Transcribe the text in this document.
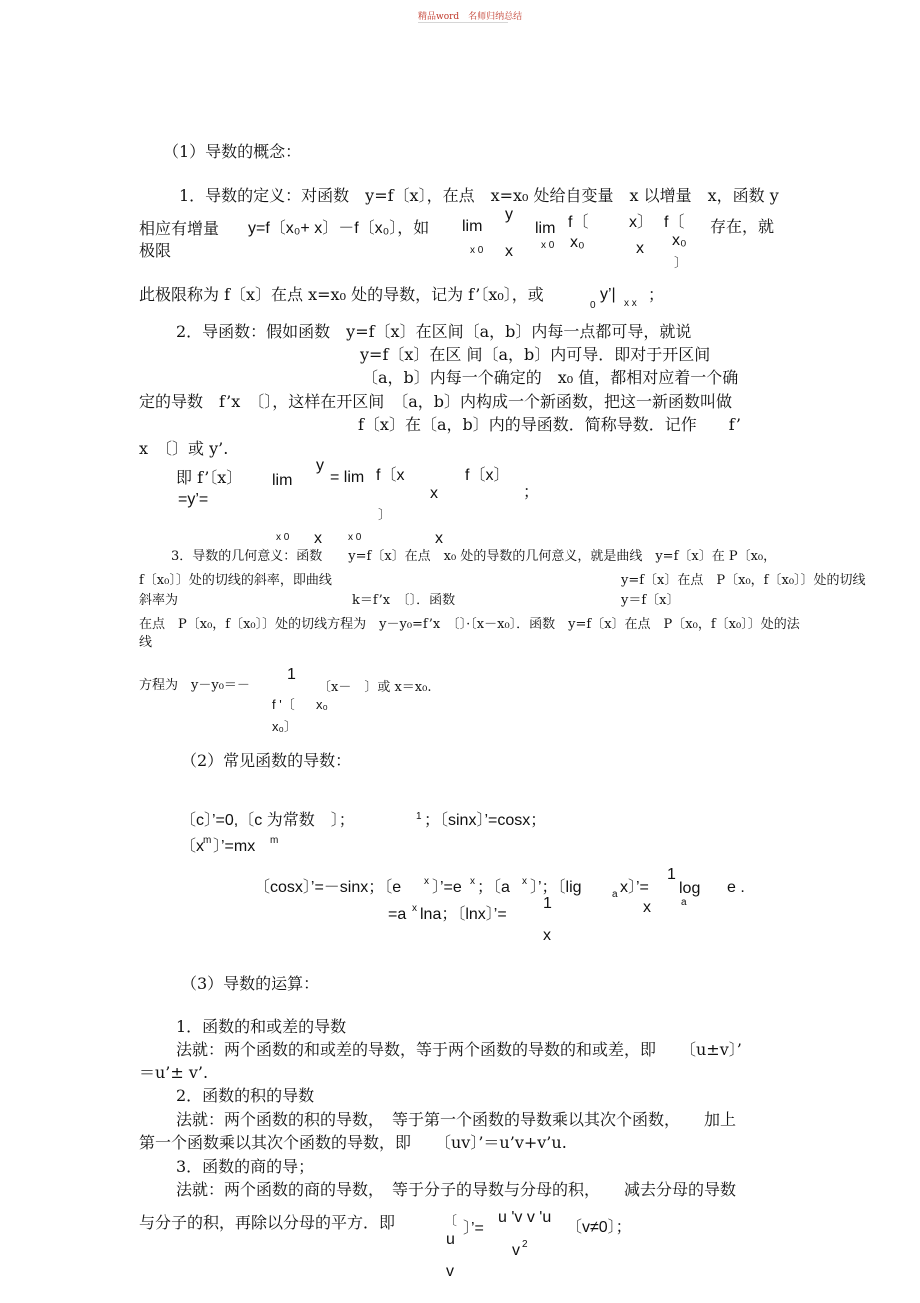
精品word　名师归纳总结
（1）导数的概念：
1．导数的定义：对函数　y=f〔x〕，在点　x=x₀ 处给自变量　x 以增量　x，函数 y
相应有增量 y=f〔x₀+ x〕－f〔x₀〕，如 lim
x 0
y
x
lim
x 0
f〔	x〕 f〔
x₀	x x₀
〕
存在，就
极限
此极限称为 f〔x〕在点 x=x₀ 处的导数，记为 f’〔x₀〕，或
0
y’|
x x ；
2．导函数：假如函数　y=f〔x〕在区间〔a，b〕内每一点都可导，就说
y=f〔x〕在区 间〔a，b〕内可导．即对于开区间
〔a，b〕内每一个确定的　x₀ 值，都相对应着一个确
定的导数　f’x　〔〕，这样在开区间　〔a，b〕内构成一个新函数，把这一新函数叫做
f〔x〕在〔a，b〕内的导函数．简称导数．记作　　f’
x　〔〕或 y’.
即 f’〔x〕
=y’=
lim
y
= lim f〔x	f〔x〕
x
〕
；
x 0 x	x 0	x
3．导数的几何意义：函数　　y=f〔x〕在点　x₀ 处的导数的几何意义，就是曲线　y=f〔x〕在 P〔x₀，
f〔x₀〕〕处的切线的斜率，即曲线	y=f〔x〕在点　P〔x₀，f〔x₀〕〕处的切线
斜率为	k＝f’x　〔〕．函数	y＝f〔x〕
在点　P〔x₀，f〔x₀〕〕处的切线方程为　y－y₀=f’x　〔〕·〔x－x₀〕．函数　y=f〔x〕在点　P〔x₀，f〔x₀〕〕处的法
线
方程为　y－y₀＝－
1
f '〔 x₀
x₀〕
〔x－　〕或 x＝x₀.
（2）常见函数的导数：
〔c〕’=0,〔c 为常数　〕；	1 ；〔sinx〕’=cosx；
〔x
m 〕’=mx m
〔cosx〕’=－sinx；〔e x 〕’=e x ；〔a x 〕’；〔lig	a x〕’=
1
x
log
a
e .
=a x lna；〔lnx〕’=
1
x
（3）导数的运算：
1．函数的和或差的导数
法就：两个函数的和或差的导数，等于两个函数的导数的和或差，即　　〔u±v〕’
＝u’± v’.
2．函数的积的导数
法就：两个函数的积的导数，　等于第一个函数的导数乘以其次个函数，　　加上
第一个函数乘以其次个函数的导数，即　　〔uv〕’＝u’v+v’u.
3．函数的商的导；
法就：两个函数的商的导数，　等于分子的导数与分母的积，　　减去分母的导数
与分子的积，再除以分母的平方．即	〔
u
〕’=
u 'v v 'u
v 2
〔v≠0〕；
v
